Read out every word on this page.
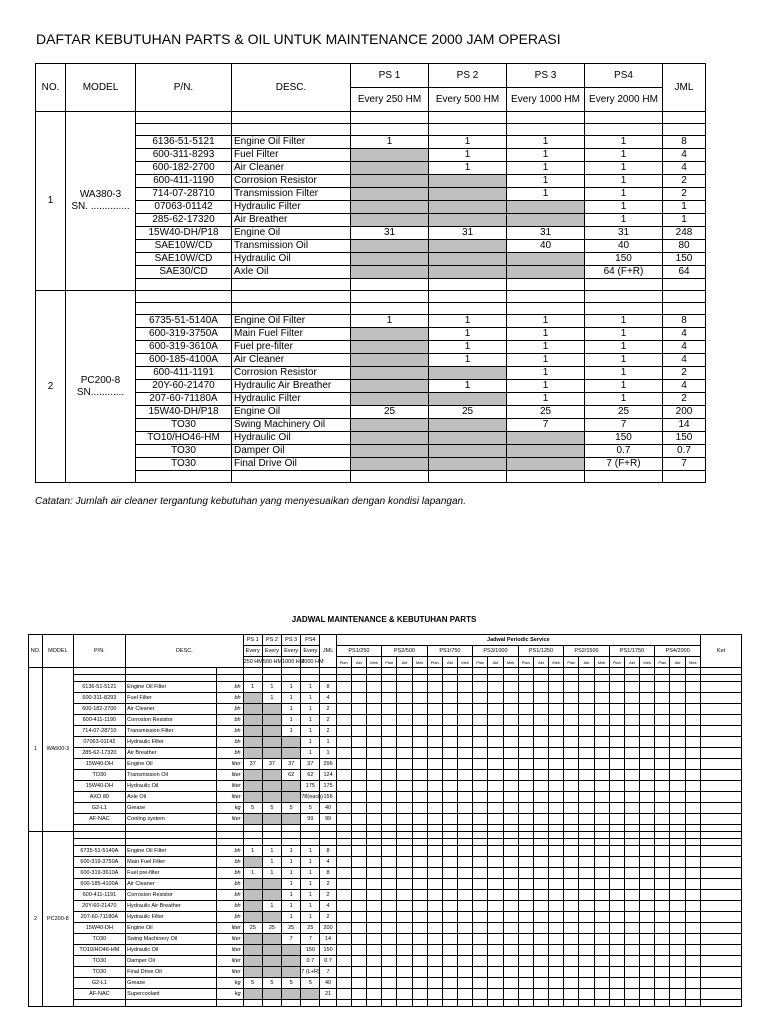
DAFTAR KEBUTUHAN PARTS & OIL UNTUK MAINTENANCE 2000 JAM OPERASI
NO.	MODEL	P/N.	DESC.	PS 1	PS 2	PS 3	PS4	JML
				Every 250 HM	Every 500 HM	Every 1000 HM	Every 2000 HM	
1	WA380-3
SN. ..............							

		6136-51-5121	Engine Oil Filter	1	1	1	1	8
		600-311-8293	Fuel Filter		1	1	1	4
		600-182-2700	Air Cleaner		1	1	1	4
		600-411-1190	Corrosion Resistor			1	1	2
		714-07-28710	Transmission Filter			1	1	2
		07063-01142	Hydraulic Filter				1	1
		285-62-17320	Air Breather				1	1
		15W40-DH/P18	Engine Oil	31	31	31	31	248
		SAE10W/CD	Transmission Oil			40	40	80
		SAE10W/CD	Hydraulic Oil				150	150
		SAE30/CD	Axle Oil				64 (F+R)	64

2	PC200-8
SN............							

		6735-51-5140A	Engine Oil Filter	1	1	1	1	8
		600-319-3750A	Main Fuel Filter		1	1	1	4
		600-319-3610A	Fuel pre-filter		1	1	1	4
		600-185-4100A	Air Cleaner		1	1	1	4
		600-411-1191	Corrosion Resistor			1	1	2
		20Y-60-21470	Hydraulic Air Breather		1	1	1	4
		207-60-71180A	Hydraulic Filter			1	1	2
		15W40-DH/P18	Engine Oil	25	25	25	25	200
		TO30	Swing Machinery Oil			7	7	14
		TO10/HO46-HM	Hydraulic Oil				150	150
		TO30	Damper Oil				0.7	0.7
		TO30	Final Drive Oil				7 (F+R)	7

Catatan: Jumlah air cleaner tergantung kebutuhan yang menyesuaikan dengan kondisi lapangan.
JADWAL MAINTENANCE & KEBUTUHAN PARTS
NO.	MODEL	P/N.	DESC.		PS 1	PS 2	PS 3	PS4	JML	Jadwal Periodic Service																								Ket
					Every	Every	Every	Every		PS1/250			PS2/500			PS1/750			PS3/1000			PS1/1250			PS2/1500			PS1/1750			PS4/2000			
					250 HM	500 HM	1000 HM	2000 HM		Plan	Akt	Mek	Plan	Akt	Mek	Plan	Akt	Mek	Plan	Akt	Mek	Plan	Akt	Mek	Plan	Akt	Mek	Plan	Akt	Mek	Plan	Akt	Mek	
1	WA500-3																																	

		6136-51-5121	Engine Oil Filter	bh	1	1	1	1	8																									
		600-311-8293	Fuel Filter	bh		1	1	1	4																									
		600-182-2700	Air Cleaner	bh			1	1	2																									
		600-411-1190	Corrosion Resistor	bh			1	1	2																									
		714-07-28710	Transmission Filter	bh			1	1	2																									
		07063-01142	Hydraulic Filter	bh				1	1																									
		285-62-17320	Air Breather	bh				1	1																									
		15W40-DH	Engine Oil	liter	37	37	37	37	296																									
		TO30	Transmission Oil	liter			62	62	124																									
		15W40-DH	Hydraulic Oil	liter				175	175																									
		AXO 80	Axle Oil	liter				78(each)	156																									
		G2-L1	Grease	kg	5	5	5	5	40																									
		AF-NAC	Cooling system	liter				99	99																									

2	PC200-8																																	

		6735-51-5140A	Engine Oil Filter	bh	1	1	1	1	8																									
		600-319-3750A	Main Fuel Filter	bh		1	1	1	4																									
		600-319-3610A	Fuel pre-filter	bh	1	1	1	1	8																									
		600-185-4100A	Air Cleaner	bh			1	1	2																									
		600-411-1191	Corrosion Resistor	bh			1	1	2																									
		20Y-60-21470	Hydraulic Air Breather	bh		1	1	1	4																									
		207-60-71180A	Hydraulic Filter	bh			1	1	2																									
		15W40-DH	Engine Oil	liter	25	25	25	25	200																									
		TO30	Swing Machinery Oil	liter			7	7	14																									
		TO10/HO46-HM	Hydraulic Oil	liter				150	150																									
		TO30	Damper Oil	liter				0.7	0.7																									
		TO30	Final Drive Oil	liter				7 (L+R)	7																									
		G2-L1	Grease	kg	5	5	5	5	40																									
		AF-NAC	Supercoolant	kg					21																									
